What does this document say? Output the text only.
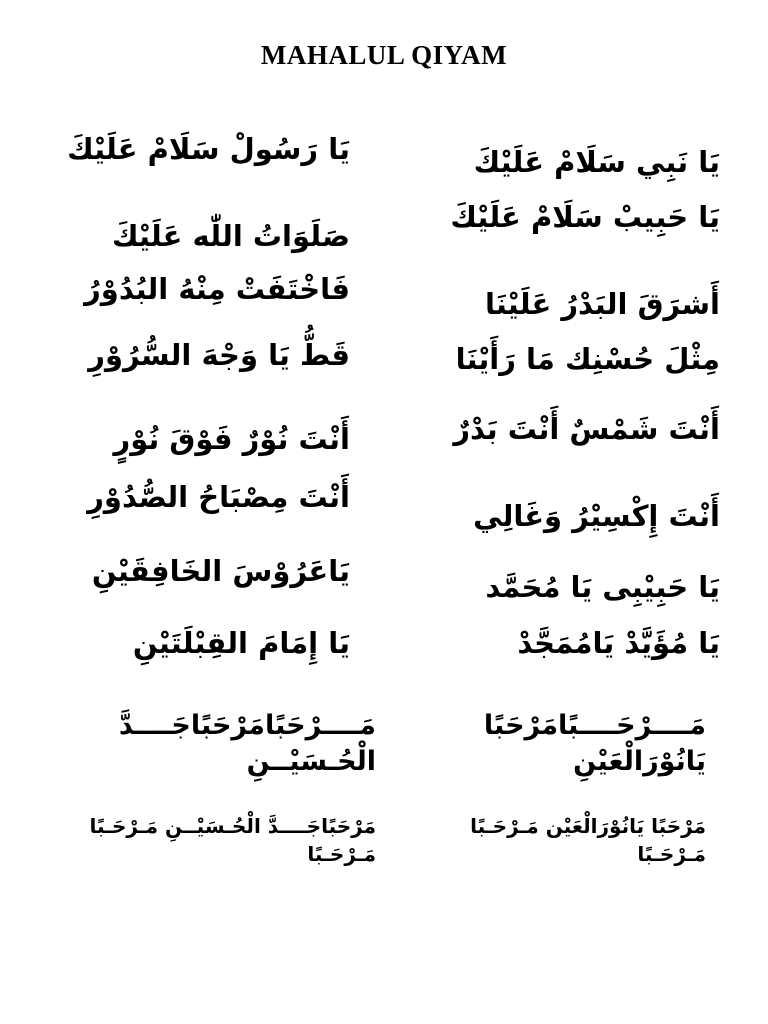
MAHALUL QIYAM
يَا نَبِي سَلَامْ عَلَيْكَ
يَا حَبِيبْ سَلَامْ عَلَيْكَ
أَشرَقَ البَدْرُ عَلَيْنَا
مِثْلَ حُسْنِك مَا رَأَيْنَا
أَنْتَ شَمْسٌ أَنْتَ بَدْرٌ
أَنْتَ إِكْسِيْرُ وَغَالِي
يَا حَبِيْبِى يَا مُحَمَّد
يَا مُؤَيَّدْ يَامُمَجَّدْ
يَا رَسُولْ سَلَامْ عَلَيْكَ
صَلَوَاتُ اللّٰه عَلَيْكَ
فَاخْتَفَتْ مِنْهُ البُدُوْرُ
قَطُّ يَا وَجْهَ السُّرُوْرِ
أَنْتَ نُوْرٌ فَوْقَ نُوْرٍ
أَنْتَ مِصْبَاحُ الصُّدُوْرِ
يَاعَرُوْسَ الخَافِقَيْنِ
يَا إِمَامَ القِبْلَتَيْنِ
مَــــرْحَــــبًامَرْحَبًا يَانُوْرَالْعَيْنِ
مَــــرْحَبًامَرْحَبًاجَــــدَّ الْحُـسَيْــنِ
مَرْحَبًا يَانُوْرَالْعَيْن مَـرْحَـبًا مَـرْحَـبًا
مَرْحَبًاجَــــدَّ الْحُـسَيْــنِ مَـرْحَـبًا مَـرْحَـبًا
